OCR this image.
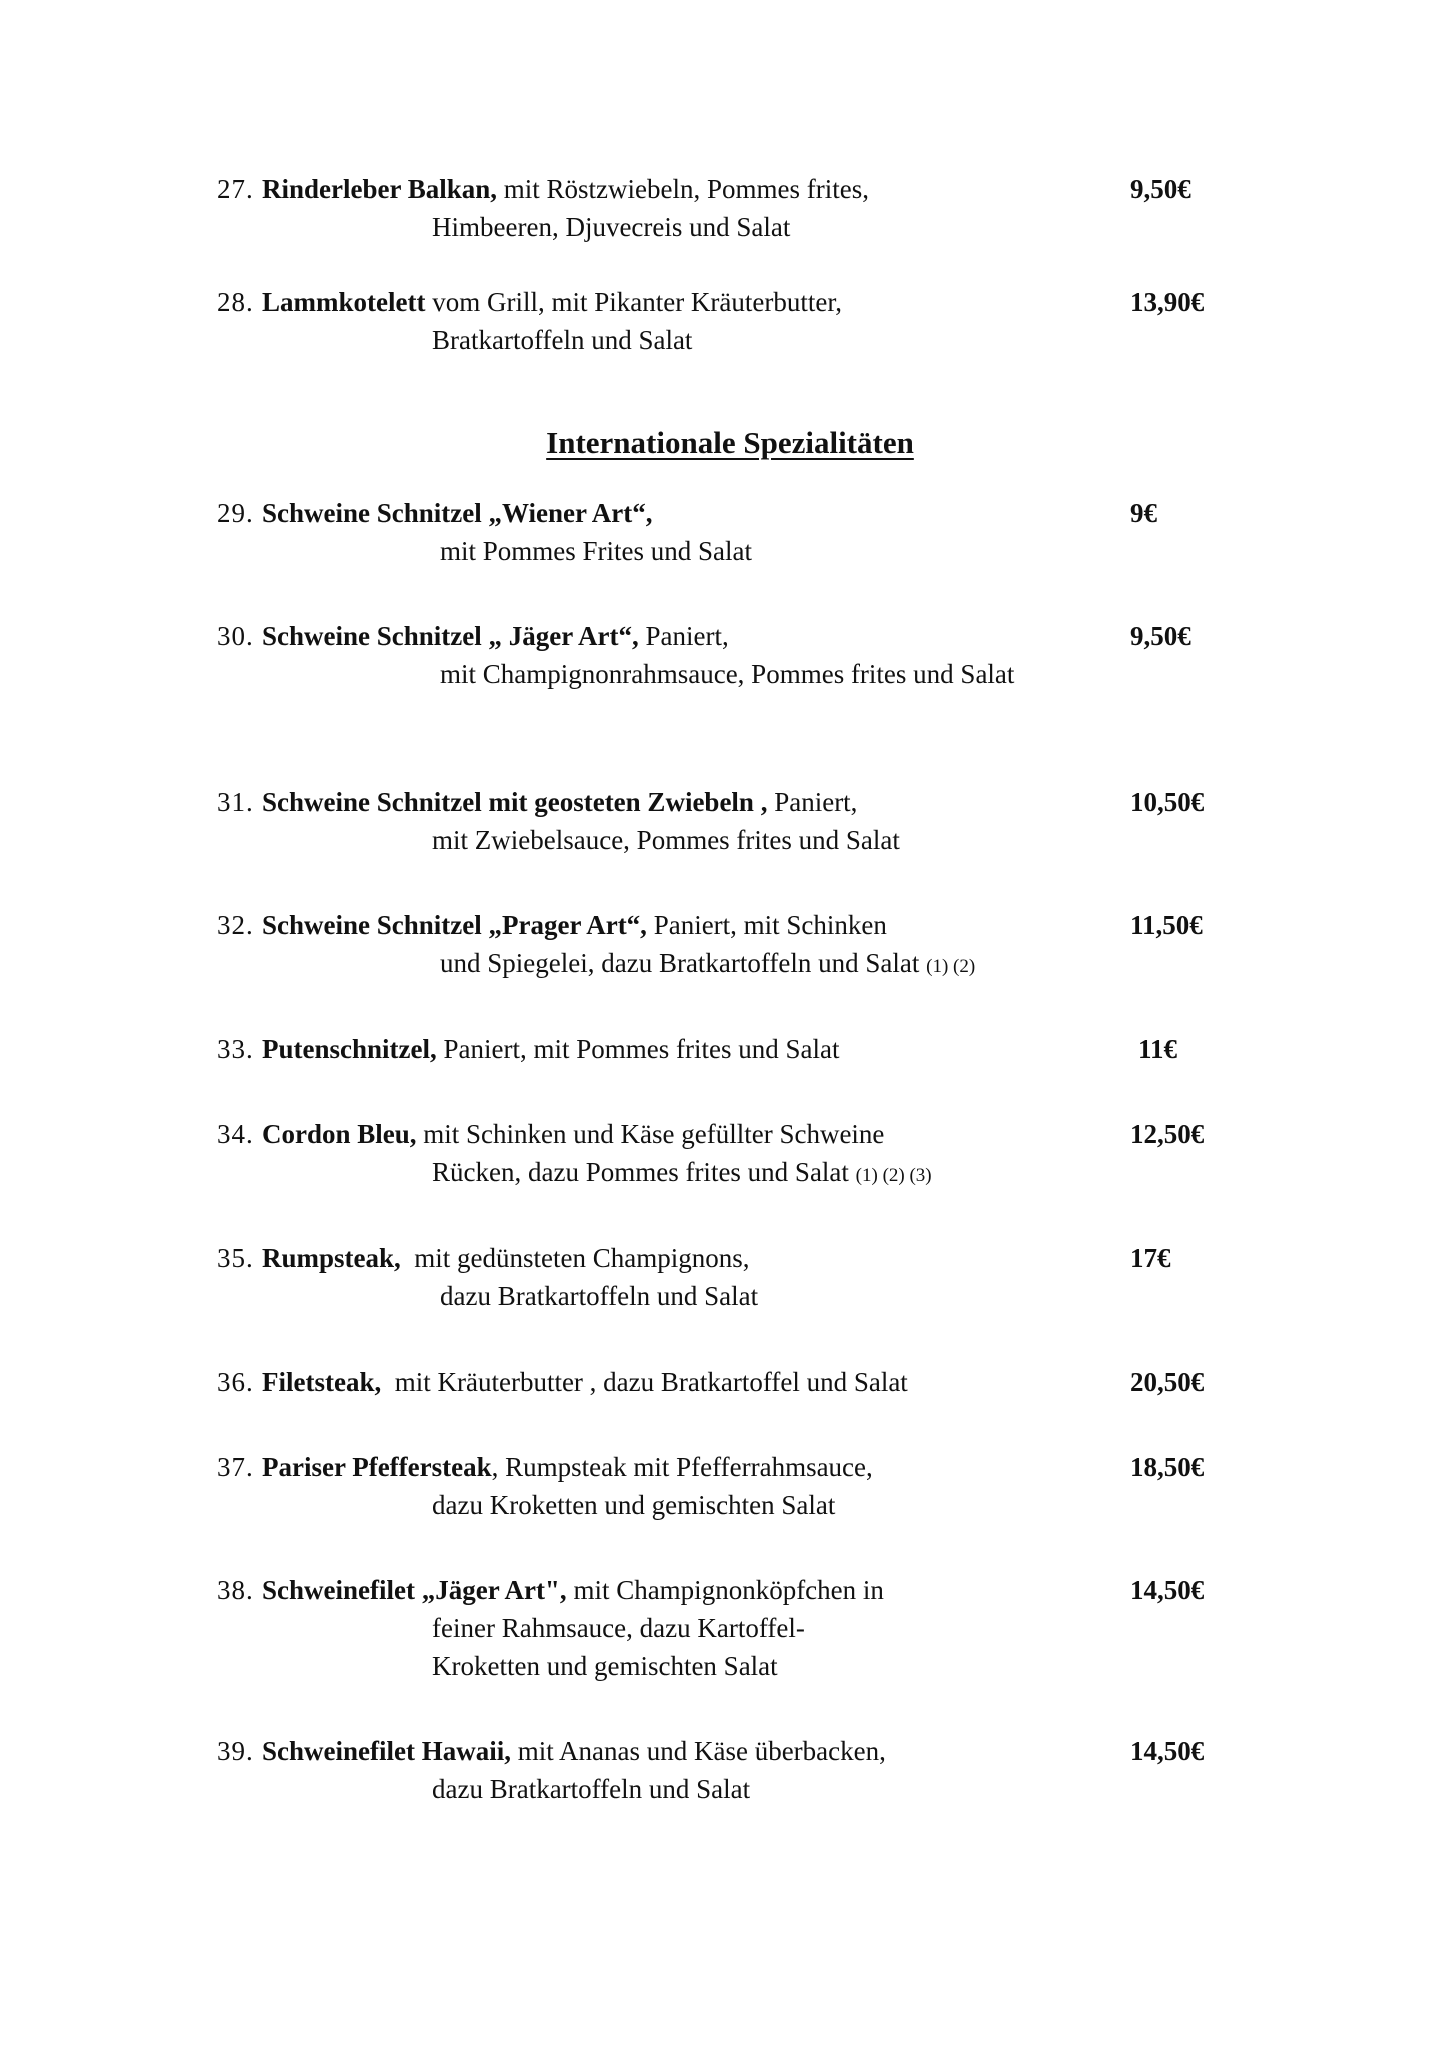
27. Rinderleber Balkan, mit Röstzwiebeln, Pommes frites,	9,50€
Himbeeren, Djuvecreis und Salat
28. Lammkotelett vom Grill, mit Pikanter Kräuterbutter,	13,90€
Bratkartoffeln und Salat
Internationale Spezialitäten
29. Schweine Schnitzel „Wiener Art“,	9€
mit Pommes Frites und Salat
30. Schweine Schnitzel „ Jäger Art“, Paniert,	9,50€
mit Champignonrahmsauce, Pommes frites und Salat
31. Schweine Schnitzel mit geosteten Zwiebeln , Paniert,	10,50€
mit Zwiebelsauce, Pommes frites und Salat
32. Schweine Schnitzel „Prager Art“, Paniert, mit Schinken	11,50€
und Spiegelei, dazu Bratkartoffeln und Salat (1) (2)
33. Putenschnitzel, Paniert, mit Pommes frites und Salat	11€
34. Cordon Bleu, mit Schinken und Käse gefüllter Schweine	12,50€
Rücken, dazu Pommes frites und Salat (1) (2) (3)
35. Rumpsteak,  mit gedünsteten Champignons,	17€
dazu Bratkartoffeln und Salat
36. Filetsteak,  mit Kräuterbutter , dazu Bratkartoffel und Salat	20,50€
37. Pariser Pfeffersteak, Rumpsteak mit Pfefferrahmsauce,	18,50€
dazu Kroketten und gemischten Salat
38. Schweinefilet „Jäger Art", mit Champignonköpfchen in	14,50€
feiner Rahmsauce, dazu Kartoffel-
Kroketten und gemischten Salat
39. Schweinefilet Hawaii, mit Ananas und Käse überbacken,	14,50€
dazu Bratkartoffeln und Salat
